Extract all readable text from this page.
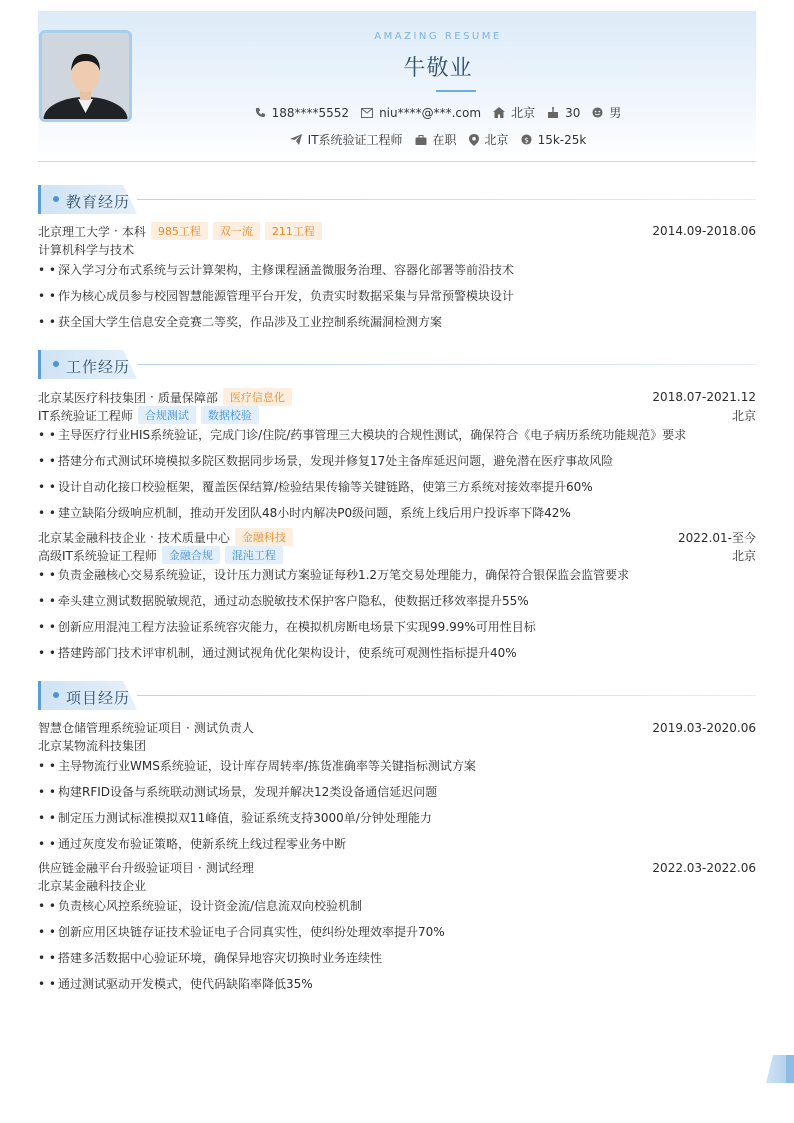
AMAZING RESUME
牛敬业
188****5552	niu****@***.com	北京	30 男
IT系统验证工程师	在职 北京 $ 15k-25k
教育经历
北京理工大学 · 本科	985工程	双一流	211工程	2014.09-2018.06
计算机科学与技术
• • 深入学习分布式系统与云计算架构，主修课程涵盖微服务治理、容器化部署等前沿技术
• • 作为核心成员参与校园智慧能源管理平台开发，负责实时数据采集与异常预警模块设计
• • 获全国大学生信息安全竞赛二等奖，作品涉及工业控制系统漏洞检测方案
工作经历
北京某医疗科技集团 · 质量保障部	医疗信息化	2018.07-2021.12
IT系统验证工程师	合规测试	数据校验	北京
• • 主导医疗行业HIS系统验证，完成门诊/住院/药事管理三大模块的合规性测试，确保符合《电子病历系统功能规范》要求
• • 搭建分布式测试环境模拟多院区数据同步场景，发现并修复17处主备库延迟问题，避免潜在医疗事故风险
• • 设计自动化接口校验框架，覆盖医保结算/检验结果传输等关键链路，使第三方系统对接效率提升60%
• • 建立缺陷分级响应机制，推动开发团队48小时内解决P0级问题，系统上线后用户投诉率下降42%
北京某金融科技企业 · 技术质量中心	金融科技	2022.01-至今
高级IT系统验证工程师	金融合规	混沌工程	北京
• • 负责金融核心交易系统验证，设计压力测试方案验证每秒1.2万笔交易处理能力，确保符合银保监会监管要求
• • 牵头建立测试数据脱敏规范，通过动态脱敏技术保护客户隐私，使数据迁移效率提升55%
• • 创新应用混沌工程方法验证系统容灾能力，在模拟机房断电场景下实现99.99%可用性目标
• • 搭建跨部门技术评审机制，通过测试视角优化架构设计，使系统可观测性指标提升40%
项目经历
智慧仓储管理系统验证项目 · 测试负责人	2019.03-2020.06
北京某物流科技集团
• • 主导物流行业WMS系统验证，设计库存周转率/拣货准确率等关键指标测试方案
• • 构建RFID设备与系统联动测试场景，发现并解决12类设备通信延迟问题
• • 制定压力测试标准模拟双11峰值，验证系统支持3000单/分钟处理能力
• • 通过灰度发布验证策略，使新系统上线过程零业务中断
供应链金融平台升级验证项目 · 测试经理	2022.03-2022.06
北京某金融科技企业
• • 负责核心风控系统验证，设计资金流/信息流双向校验机制
• • 创新应用区块链存证技术验证电子合同真实性，使纠纷处理效率提升70%
• • 搭建多活数据中心验证环境，确保异地容灾切换时业务连续性
• • 通过测试驱动开发模式，使代码缺陷率降低35%
